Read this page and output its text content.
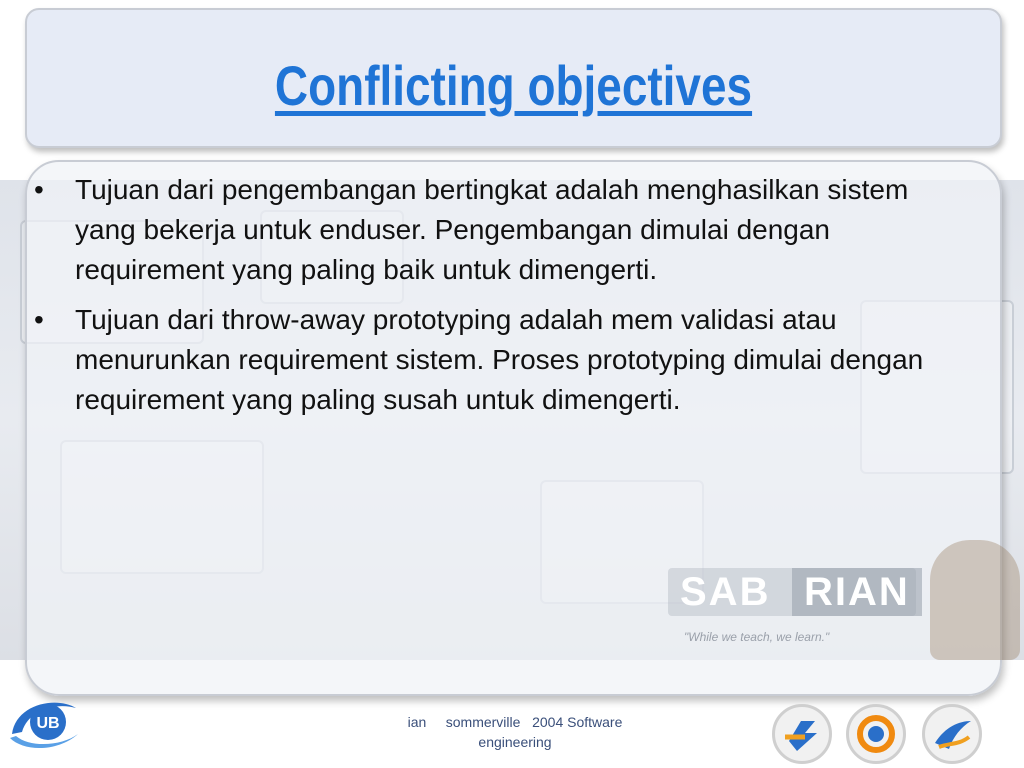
Conflicting objectives
SAB RIAN
"While we teach, we learn."
• Tujuan dari pengembangan bertingkat adalah menghasilkan sistem yang bekerja untuk enduser. Pengembangan dimulai dengan requirement yang paling baik untuk dimengerti.
• Tujuan dari throw-away prototyping adalah mem validasi atau menurunkan requirement sistem. Proses prototyping dimulai dengan requirement yang paling susah untuk dimengerti.
ian     sommerville   2004 Software
engineering
UB
